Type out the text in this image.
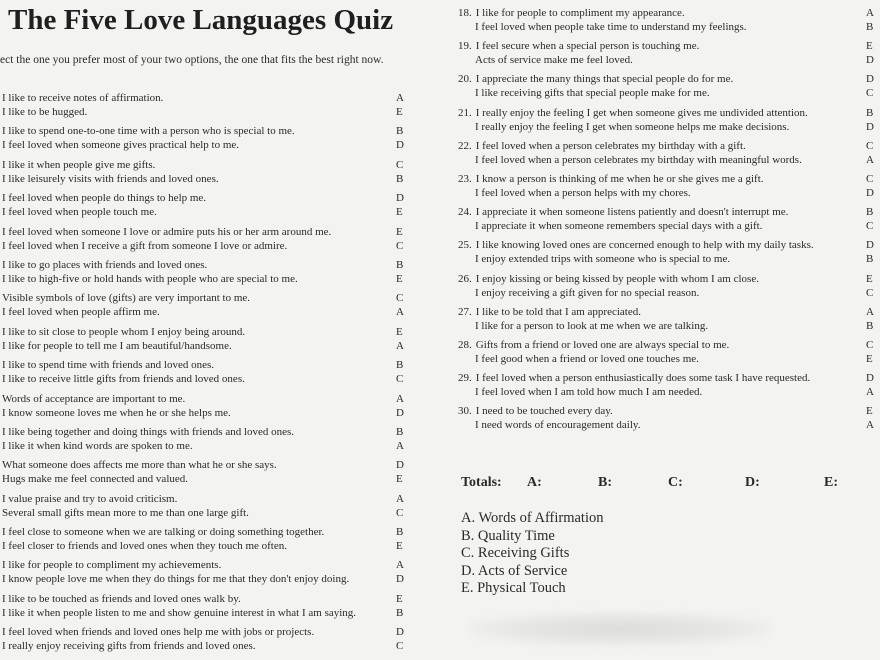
The Five Love Languages Quiz
ect the one you prefer most of your two options, the one that fits the best right now.
I like to receive notes of affirmation.	A
I like to be hugged.	E
I like to spend one-to-one time with a person who is special to me.	B
I feel loved when someone gives practical help to me.	D
I like it when people give me gifts.	C
I like leisurely visits with friends and loved ones.	B
I feel loved when people do things to help me.	D
I feel loved when people touch me.	E
I feel loved when someone I love or admire puts his or her arm around me.	E
I feel loved when I receive a gift from someone I love or admire.	C
I like to go places with friends and loved ones.	B
I like to high-five or hold hands with people who are special to me.	E
Visible symbols of love (gifts) are very important to me.	C
I feel loved when people affirm me.	A
I like to sit close to people whom I enjoy being around.	E
I like for people to tell me I am beautiful/handsome.	A
I like to spend time with friends and loved ones.	B
I like to receive little gifts from friends and loved ones.	C
Words of acceptance are important to me.	A
I know someone loves me when he or she helps me.	D
I like being together and doing things with friends and loved ones.	B
I like it when kind words are spoken to me.	A
What someone does affects me more than what he or she says.	D
Hugs make me feel connected and valued.	E
I value praise and try to avoid criticism.	A
Several small gifts mean more to me than one large gift.	C
I feel close to someone when we are talking or doing something together.	B
I feel closer to friends and loved ones when they touch me often.	E
I like for people to compliment my achievements.	A
I know people love me when they do things for me that they don't enjoy doing.	D
I like to be touched as friends and loved ones walk by.	E
I like it when people listen to me and show genuine interest in what I am saying.	B
I feel loved when friends and loved ones help me with jobs or projects.	D
I really enjoy receiving gifts from friends and loved ones.	C
18. I like for people to compliment my appearance.	A
I feel loved when people take time to understand my feelings.	B
19. I feel secure when a special person is touching me.	E
Acts of service make me feel loved.	D
20. I appreciate the many things that special people do for me.	D
I like receiving gifts that special people make for me.	C
21. I really enjoy the feeling I get when someone gives me undivided attention.	B
I really enjoy the feeling I get when someone helps me make decisions.	D
22. I feel loved when a person celebrates my birthday with a gift.	C
I feel loved when a person celebrates my birthday with meaningful words.	A
23. I know a person is thinking of me when he or she gives me a gift.	C
I feel loved when a person helps with my chores.	D
24. I appreciate it when someone listens patiently and doesn't interrupt me.	B
I appreciate it when someone remembers special days with a gift.	C
25. I like knowing loved ones are concerned enough to help with my daily tasks.	D
I enjoy extended trips with someone who is special to me.	B
26. I enjoy kissing or being kissed by people with whom I am close.	E
I enjoy receiving a gift given for no special reason.	C
27. I like to be told that I am appreciated.	A
I like for a person to look at me when we are talking.	B
28. Gifts from a friend or loved one are always special to me.	C
I feel good when a friend or loved one touches me.	E
29. I feel loved when a person enthusiastically does some task I have requested.	D
I feel loved when I am told how much I am needed.	A
30. I need to be touched every day.	E
I need words of encouragement daily.	A
Totals: A:	B:	C:	D:	E:
A. Words of Affirmation
B. Quality Time
C. Receiving Gifts
D. Acts of Service
E. Physical Touch
